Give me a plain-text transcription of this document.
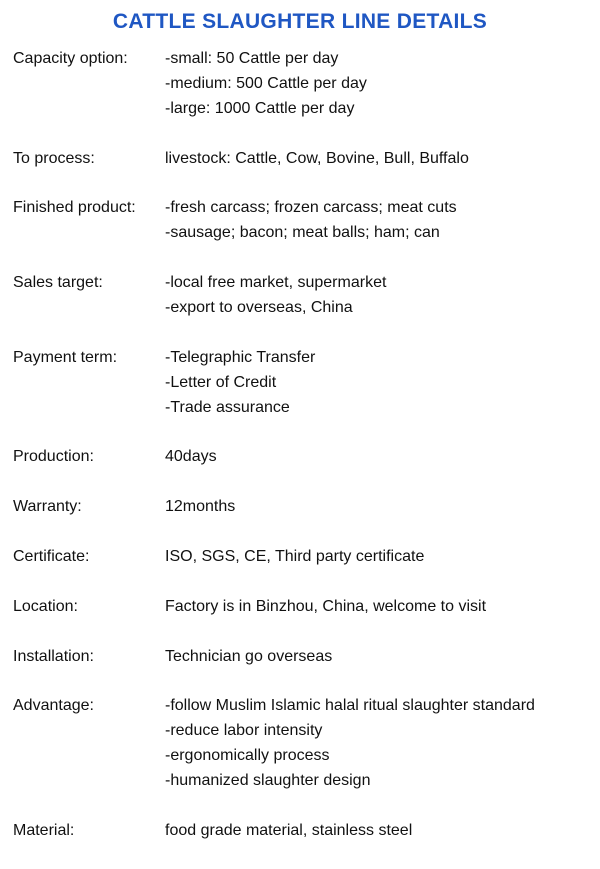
CATTLE SLAUGHTER LINE DETAILS
Capacity option:	-small: 50 Cattle per day
-medium: 500 Cattle per day
-large: 1000 Cattle per day
To process:	livestock: Cattle, Cow, Bovine, Bull, Buffalo
Finished product:	-fresh carcass; frozen carcass; meat cuts
-sausage; bacon; meat balls; ham; can
Sales target:	-local free market, supermarket
-export to overseas, China
Payment term:	-Telegraphic Transfer
-Letter of Credit
-Trade assurance
Production:	40days
Warranty:	12months
Certificate:	ISO, SGS, CE, Third party certificate
Location:	Factory is in Binzhou, China, welcome to visit
Installation:	Technician go overseas
Advantage:	-follow Muslim Islamic halal ritual slaughter standard
-reduce labor intensity
-ergonomically process
-humanized slaughter design
Material:	food grade material, stainless steel
